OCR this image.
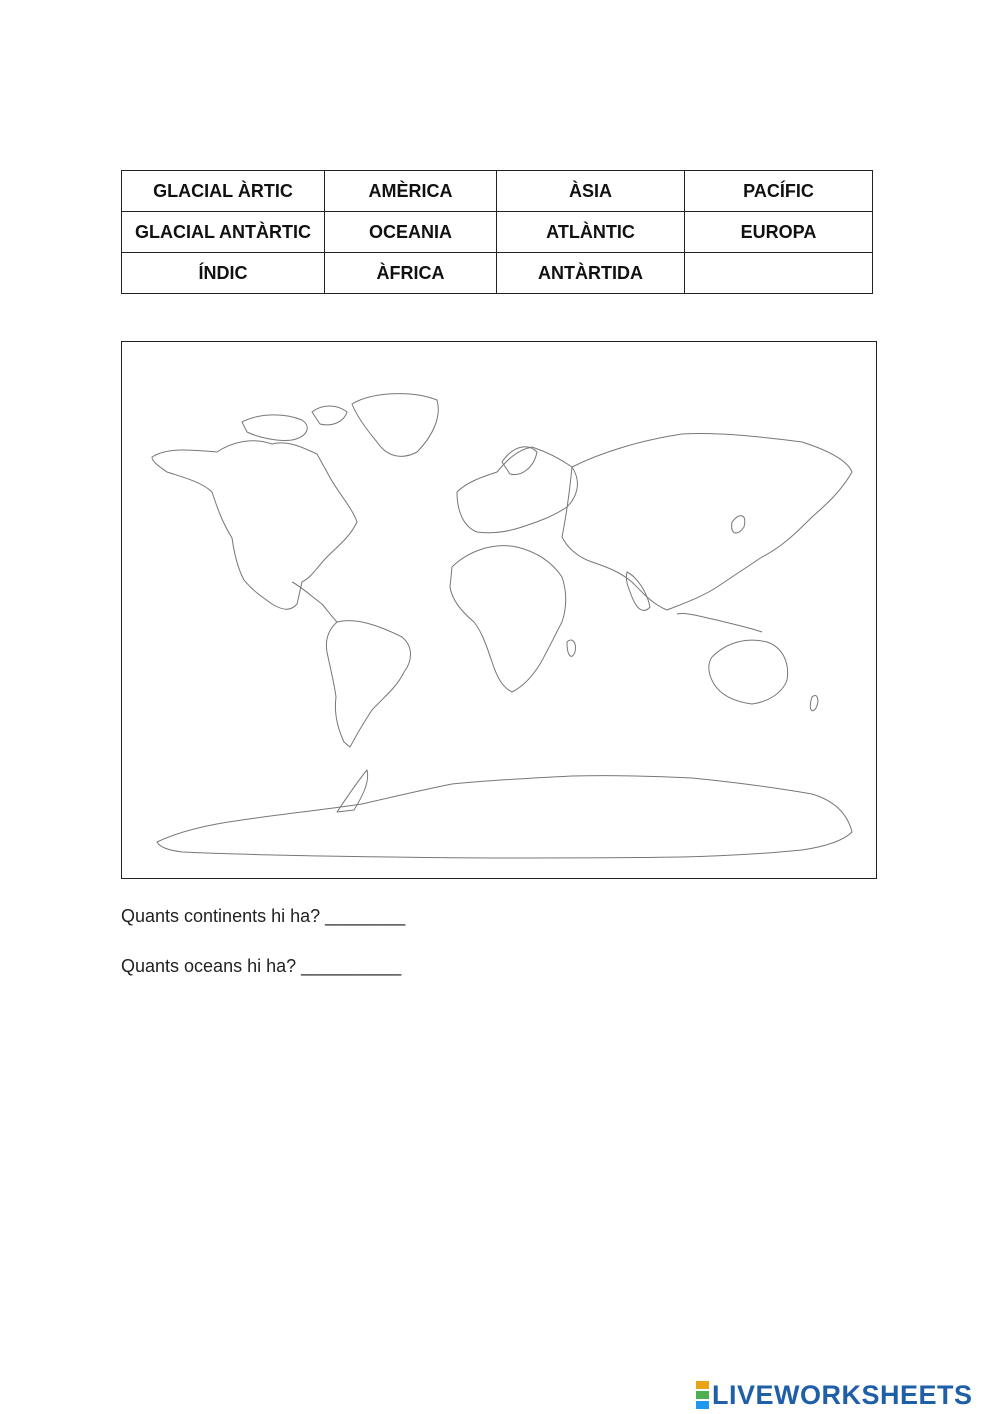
GLACIAL ÀRTIC	AMÈRICA	ÀSIA	PACÍFIC
GLACIAL ANTÀRTIC	OCEANIA	ATLÀNTIC	EUROPA
ÍNDIC	ÀFRICA	ANTÀRTIDA	
Quants continents hi ha? ________
Quants oceans hi ha? __________
LIVEWORKSHEETS
